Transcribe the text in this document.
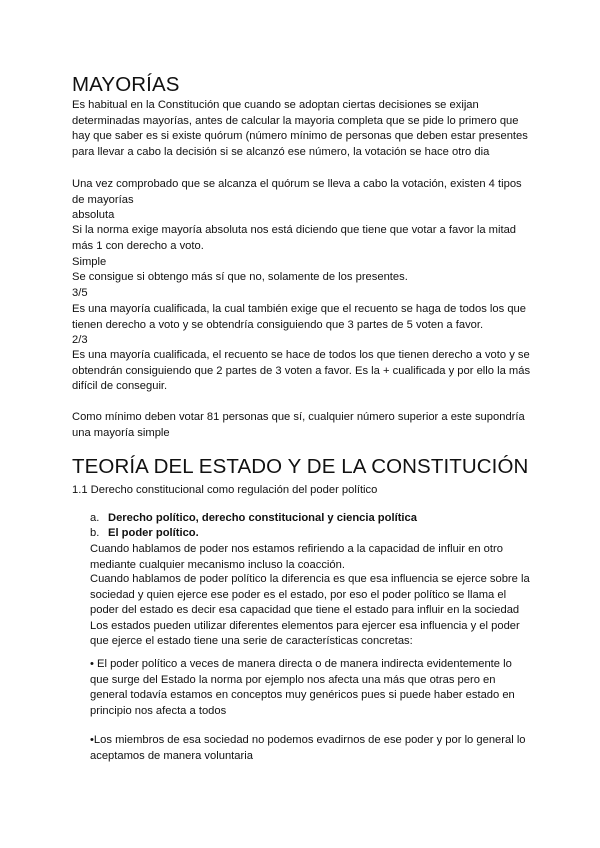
MAYORÍAS

Es habitual en la Constitución que cuando se adoptan ciertas decisiones se exijan determinadas mayorías, antes de calcular la mayoria completa que se pide lo primero que hay que saber es si existe quórum (número mínimo de personas que deben estar presentes para llevar a cabo la decisión si se alcanzó ese número, la votación se hace otro dia

Una vez comprobado que se alcanza el quórum se lleva a cabo la votación, existen 4 tipos de mayorías

absoluta

Si la norma exige mayoría absoluta nos está diciendo que tiene que votar a favor la mitad más 1 con derecho a voto.

Simple

Se consigue si obtengo más sí que no, solamente de los presentes.

3/5

Es una mayoría cualificada, la cual también exige que el recuento se haga de todos los que tienen derecho a voto y se obtendría consiguiendo que 3 partes de 5 voten a favor.

2/3

Es una mayoría cualificada, el recuento se hace de todos los que tienen derecho a voto y se obtendrán consiguiendo que 2 partes de 3 voten a favor. Es la + cualificada y por ello la más difícil de conseguir.

Como mínimo deben votar 81 personas que sí, cualquier número superior a este supondría una mayoría simple

TEORÍA DEL ESTADO Y DE LA CONSTITUCIÓN

1.1 Derecho constitucional como regulación del poder político

a. Derecho político, derecho constitucional y ciencia política
b. El poder político.

Cuando hablamos de poder nos estamos refiriendo a la capacidad de influir en otro mediante cualquier mecanismo incluso la coacción.

Cuando hablamos de poder político la diferencia es que esa influencia se ejerce sobre la sociedad y quien ejerce ese poder es el estado, por eso el poder político se llama el poder del estado es decir esa capacidad que tiene el estado para influir en la sociedad Los estados pueden utilizar diferentes elementos para ejercer esa influencia y el poder que ejerce el estado tiene una serie de características concretas:

• El poder político a veces de manera directa o de manera indirecta evidentemente lo que surge del Estado la norma por ejemplo nos afecta una más que otras pero en general todavía estamos en conceptos muy genéricos pues si puede haber estado en principio nos afecta a todos

•Los miembros de esa sociedad no podemos evadirnos de ese poder y por lo general lo aceptamos de manera voluntaria
